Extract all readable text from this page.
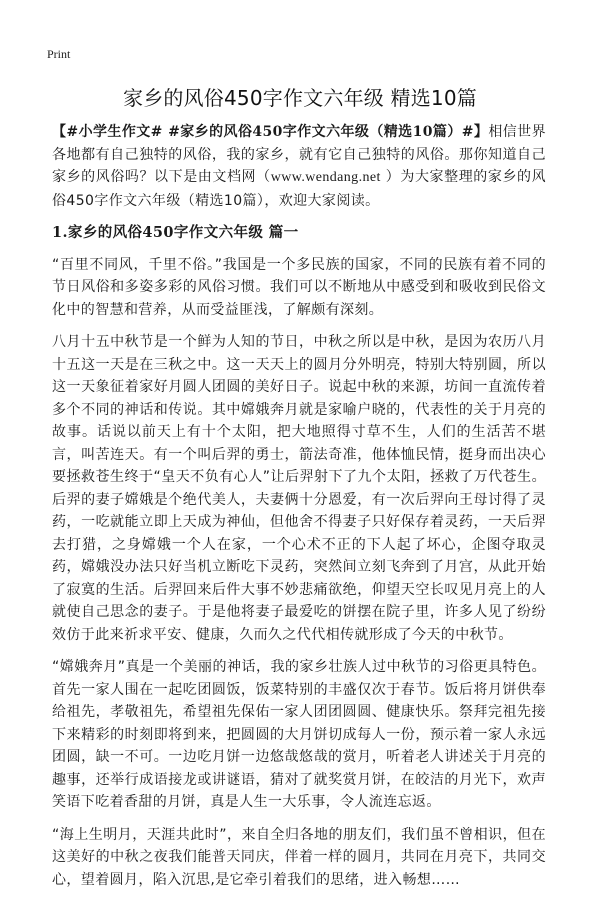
Print
家乡的风俗450字作文六年级 精选10篇

【#小学生作文# #家乡的风俗450字作文六年级（精选10篇）#】相信世界各地都有自己独特的风俗，我的家乡，就有它自己独特的风俗。那你知道自己家乡的风俗吗？以下是由文档网（www.wendang.net ）为大家整理的家乡的风俗450字作文六年级（精选10篇），欢迎大家阅读。

1.家乡的风俗450字作文六年级 篇一

“百里不同风，千里不俗。”我国是一个多民族的国家，不同的民族有着不同的节日风俗和多姿多彩的风俗习惯。我们可以不断地从中感受到和吸收到民俗文化中的智慧和营养，从而受益匪浅，了解颇有深刻。

八月十五中秋节是一个鲜为人知的节日，中秋之所以是中秋，是因为农历八月十五这一天是在三秋之中。这一天天上的圆月分外明亮，特别大特别圆，所以这一天象征着家好月圆人团圆的美好日子。说起中秋的来源，坊间一直流传着多个不同的神话和传说。其中嫦娥奔月就是家喻户晓的，代表性的关于月亮的故事。话说以前天上有十个太阳，把大地照得寸草不生，人们的生活苦不堪言，叫苦连天。有一个叫后羿的勇士，箭法奇准，他体恤民情，挺身而出决心要拯救苍生终于“皇天不负有心人”让后羿射下了九个太阳，拯救了万代苍生。后羿的妻子嫦娥是个绝代美人，夫妻俩十分恩爱，有一次后羿向王母讨得了灵药，一吃就能立即上天成为神仙，但他舍不得妻子只好保存着灵药，一天后羿去打猎，之身嫦娥一个人在家，一个心术不正的下人起了坏心，企图夺取灵药，嫦娥没办法只好当机立断吃下灵药，突然间立刻飞奔到了月宫，从此开始了寂寞的生活。后羿回来后件大事不妙悲痛欲绝，仰望天空长叹见月亮上的人就使自己思念的妻子。于是他将妻子最爱吃的饼摆在院子里，许多人见了纷纷效仿于此来祈求平安、健康，久而久之代代相传就形成了今天的中秋节。

“嫦娥奔月”真是一个美丽的神话，我的家乡壮族人过中秋节的习俗更具特色。首先一家人围在一起吃团圆饭，饭菜特别的丰盛仅次于春节。饭后将月饼供奉给祖先，孝敬祖先，希望祖先保佑一家人团团圆圆、健康快乐。祭拜完祖先接下来精彩的时刻即将到来，把圆圆的大月饼切成每人一份，预示着一家人永远团圆，缺一不可。一边吃月饼一边悠哉悠哉的赏月，听着老人讲述关于月亮的趣事，还举行成语接龙或讲谜语，猜对了就奖赏月饼，在皎洁的月光下，欢声笑语下吃着香甜的月饼，真是人生一大乐事，令人流连忘返。

“海上生明月，天涯共此时”，来自全归各地的朋友们，我们虽不曾相识，但在这美好的中秋之夜我们能普天同庆，伴着一样的圆月，共同在月亮下，共同交心，望着圆月，陷入沉思,是它牵引着我们的思绪，进入畅想……
